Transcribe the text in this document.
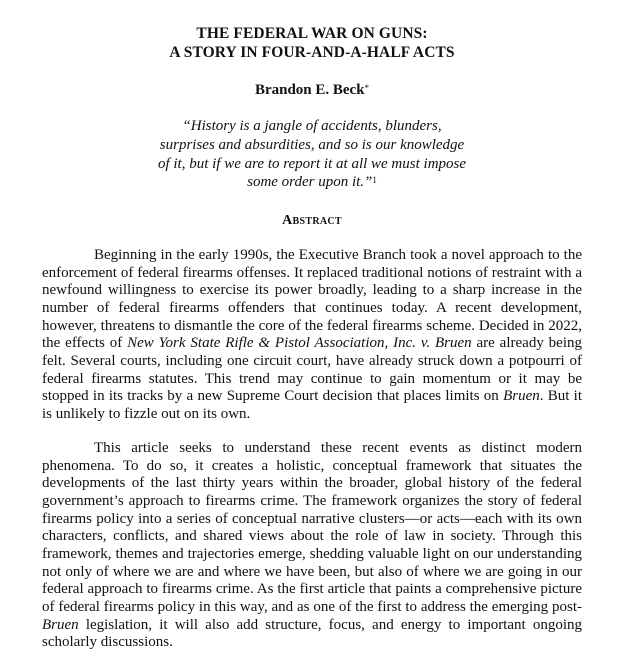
THE FEDERAL WAR ON GUNS:
A STORY IN FOUR-AND-A-HALF ACTS
Brandon E. Beck*
“History is a jangle of accidents, blunders,
surprises and absurdities, and so is our knowledge
of it, but if we are to report it at all we must impose
some order upon it.”$^1$
Abstract

Beginning in the early 1990s, the Executive Branch took a novel approach to the enforcement of federal firearms offenses. It replaced traditional notions of restraint with a newfound willingness to exercise its power broadly, leading to a sharp increase in the number of federal firearms offenders that continues today. A recent development, however, threatens to dismantle the core of the federal firearms scheme. Decided in 2022, the effects of New York State Rifle & Pistol Association, Inc. v. Bruen are already being felt. Several courts, including one circuit court, have already struck down a potpourri of federal firearms statutes. This trend may continue to gain momentum or it may be stopped in its tracks by a new Supreme Court decision that places limits on Bruen. But it is unlikely to fizzle out on its own.

This article seeks to understand these recent events as distinct modern phenomena. To do so, it creates a holistic, conceptual framework that situates the developments of the last thirty years within the broader, global history of the federal government’s approach to firearms crime. The framework organizes the story of federal firearms policy into a series of conceptual narrative clusters—or acts—each with its own characters, conflicts, and shared views about the role of law in society. Through this framework, themes and trajectories emerge, shedding valuable light on our understanding not only of where we are and where we have been, but also of where we are going in our federal approach to firearms crime. As the first article that paints a comprehensive picture of federal firearms policy in this way, and as one of the first to address the emerging post-Bruen legislation, it will also add structure, focus, and energy to important ongoing scholarly discussions.
